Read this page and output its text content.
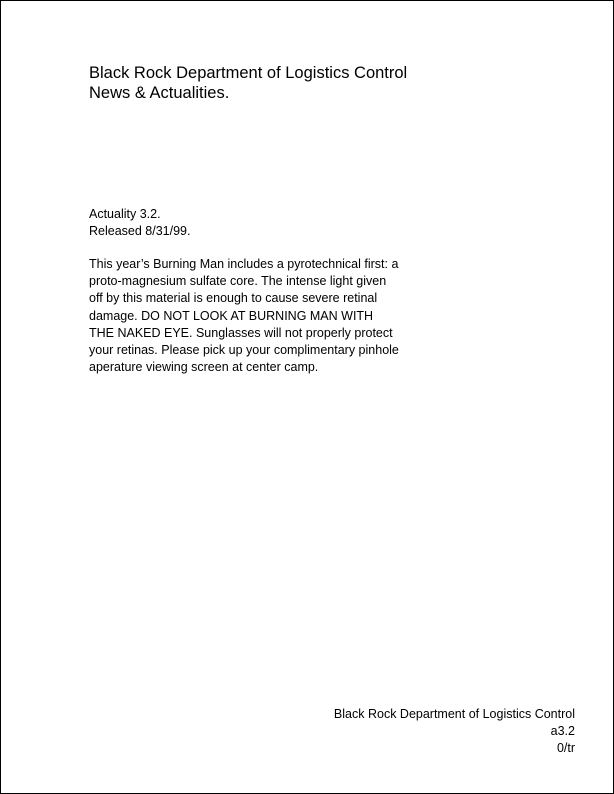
Black Rock Department of Logistics Control
News & Actualities.
Actuality 3.2.
Released 8/31/99.
This year’s Burning Man includes a pyrotechnical first: a
proto-magnesium sulfate core. The intense light given
off by this material is enough to cause severe retinal
damage. DO NOT LOOK AT BURNING MAN WITH
THE NAKED EYE. Sunglasses will not properly protect
your retinas. Please pick up your complimentary pinhole
aperature viewing screen at center camp.
Black Rock Department of Logistics Control
a3.2
0/tr
